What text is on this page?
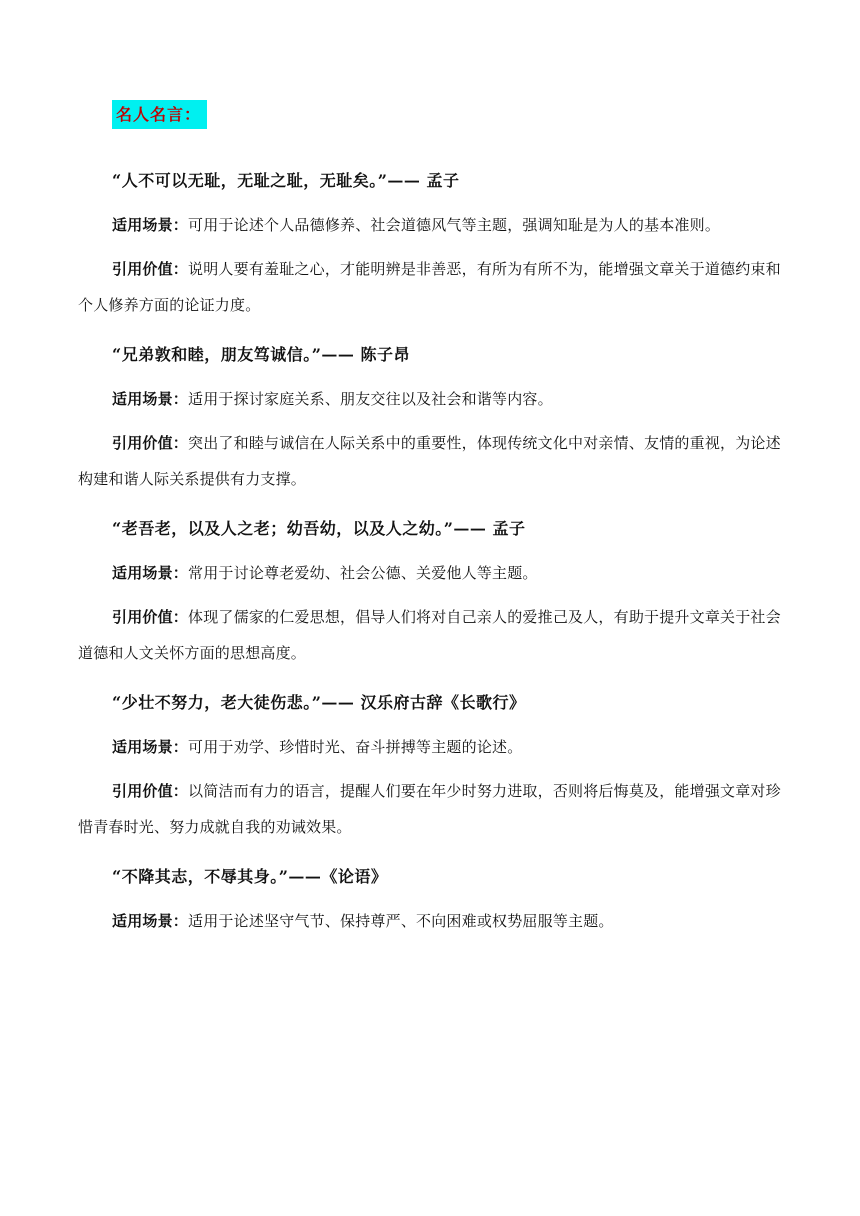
名人名言：
“人不可以无耻，无耻之耻，无耻矣。”—— 孟子
适用场景：可用于论述个人品德修养、社会道德风气等主题，强调知耻是为人的基本准则。
引用价值：说明人要有羞耻之心，才能明辨是非善恶，有所为有所不为，能增强文章关于道德约束和个人修养方面的论证力度。
“兄弟敦和睦，朋友笃诚信。”—— 陈子昂
适用场景：适用于探讨家庭关系、朋友交往以及社会和谐等内容。
引用价值：突出了和睦与诚信在人际关系中的重要性，体现传统文化中对亲情、友情的重视，为论述构建和谐人际关系提供有力支撑。
“老吾老，以及人之老；幼吾幼，以及人之幼。”—— 孟子
适用场景：常用于讨论尊老爱幼、社会公德、关爱他人等主题。
引用价值：体现了儒家的仁爱思想，倡导人们将对自己亲人的爱推己及人，有助于提升文章关于社会道德和人文关怀方面的思想高度。
“少壮不努力，老大徒伤悲。”—— 汉乐府古辞《长歌行》
适用场景：可用于劝学、珍惜时光、奋斗拼搏等主题的论述。
引用价值：以简洁而有力的语言，提醒人们要在年少时努力进取，否则将后悔莫及，能增强文章对珍惜青春时光、努力成就自我的劝诫效果。
“不降其志，不辱其身。”——《论语》
适用场景：适用于论述坚守气节、保持尊严、不向困难或权势屈服等主题。
